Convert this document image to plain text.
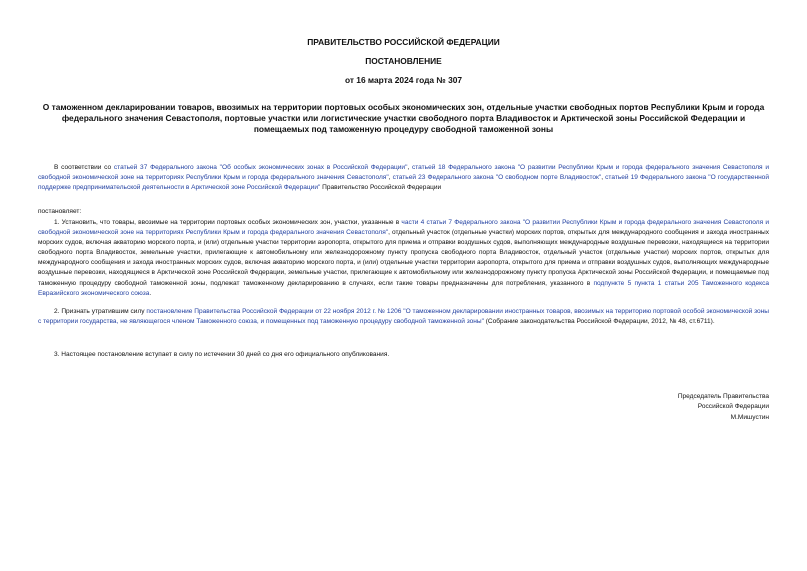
ПРАВИТЕЛЬСТВО РОССИЙСКОЙ ФЕДЕРАЦИИ
ПОСТАНОВЛЕНИЕ
от 16 марта 2024 года № 307
О таможенном декларировании товаров, ввозимых на территории портовых особых экономических зон, отдельные участки свободных портов Республики Крым и города федерального значения Севастополя, портовые участки или логистические участки свободного порта Владивосток и Арктической зоны Российской Федерации и помещаемых под таможенную процедуру свободной таможенной зоны
В соответствии со статьей 37 Федерального закона "Об особых экономических зонах в Российской Федерации", статьей 18 Федерального закона "О развитии Республики Крым и города федерального значения Севастополя и свободной экономической зоне на территориях Республики Крым и города федерального значения Севастополя", статьей 23 Федерального закона "О свободном порте Владивосток", статьей 19 Федерального закона "О государственной поддержке предпринимательской деятельности в Арктической зоне Российской Федерации" Правительство Российской Федерации
постановляет:
1. Установить, что товары, ввозимые на территории портовых особых экономических зон, участки, указанные в части 4 статьи 7 Федерального закона "О развитии Республики Крым и города федерального значения Севастополя и свободной экономической зоне на территориях Республики Крым и города федерального значения Севастополя", отдельный участок (отдельные участки) морских портов, открытых для международного сообщения и захода иностранных морских судов, включая акваторию морского порта, и (или) отдельные участки территории аэропорта, открытого для приема и отправки воздушных судов, выполняющих международные воздушные перевозки, находящиеся на территории свободного порта Владивосток, земельные участки, прилегающие к автомобильному или железнодорожному пункту пропуска свободного порта Владивосток, отдельный участок (отдельные участки) морских портов, открытых для международного сообщения и захода иностранных морских судов, включая акваторию морского порта, и (или) отдельные участки территории аэропорта, открытого для приема и отправки воздушных судов, выполняющих международные воздушные перевозки, находящиеся в Арктической зоне Российской Федерации, земельные участки, прилегающие к автомобильному или железнодорожному пункту пропуска Арктической зоны Российской Федерации, и помещаемые под таможенную процедуру свободной таможенной зоны, подлежат таможенному декларированию в случаях, если такие товары предназначены для потребления, указанного в подпункте 5 пункта 1 статьи 205 Таможенного кодекса Евразийского экономического союза.
2. Признать утратившим силу постановление Правительства Российской Федерации от 22 ноября 2012 г. № 1206 "О таможенном декларировании иностранных товаров, ввозимых на территорию портовой особой экономической зоны с территории государства, не являющегося членом Таможенного союза, и помещенных под таможенную процедуру свободной таможенной зоны" (Собрание законодательства Российской Федерации, 2012, № 48, ст.6711).
3. Настоящее постановление вступает в силу по истечении 30 дней со дня его официального опубликования.
Председатель Правительства
Российской Федерации
М.Мишустин
